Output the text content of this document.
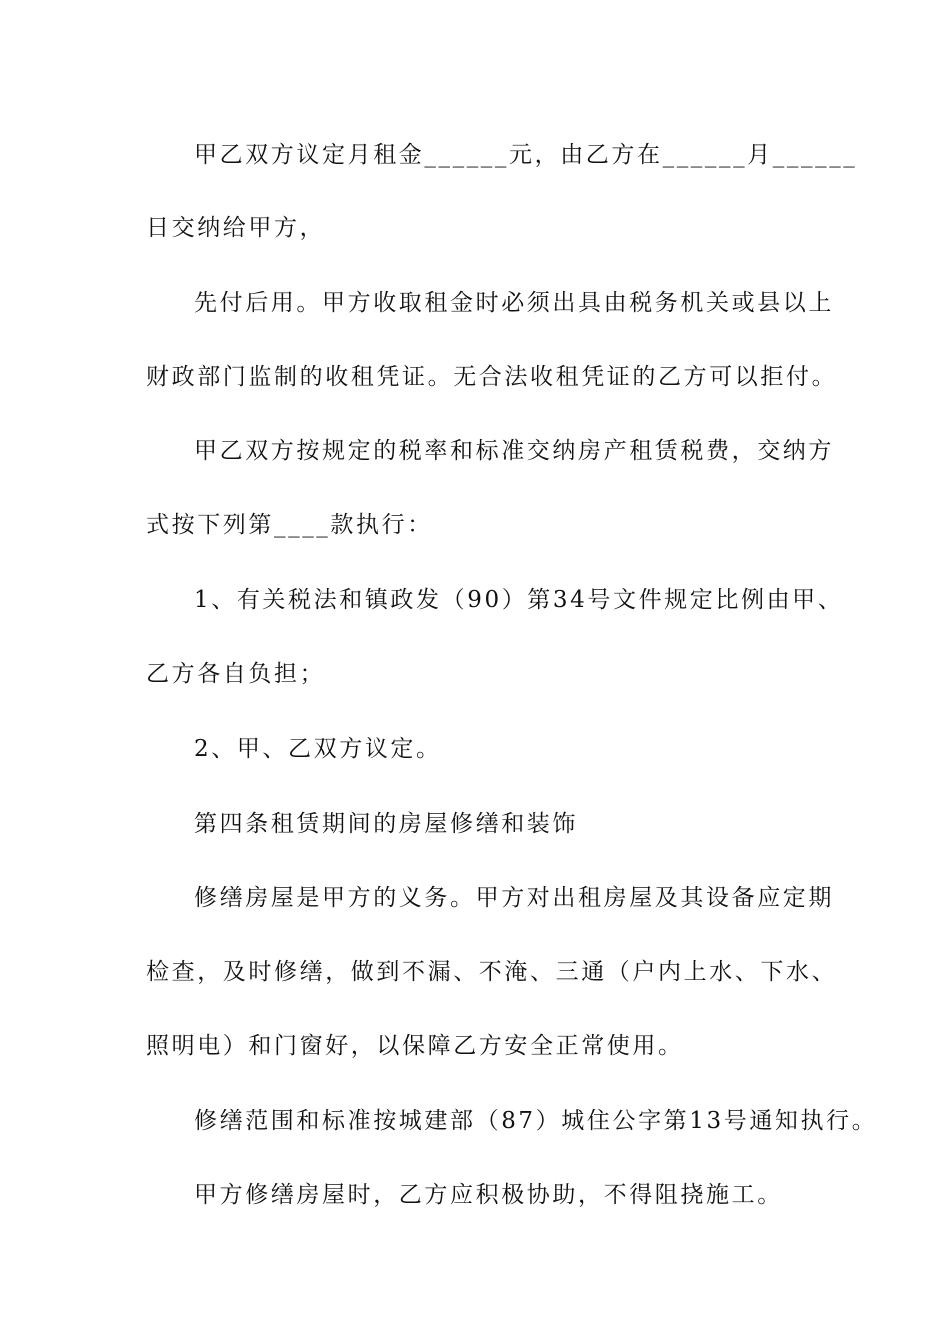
甲乙双方议定月租金______元，由乙方在______月______
日交纳给甲方，
先付后用。甲方收取租金时必须出具由税务机关或县以上
财政部门监制的收租凭证。无合法收租凭证的乙方可以拒付。
甲乙双方按规定的税率和标准交纳房产租赁税费，交纳方
式按下列第____款执行：
1、有关税法和镇政发（90）第34号文件规定比例由甲、
乙方各自负担；
2、甲、乙双方议定。
第四条租赁期间的房屋修缮和装饰
修缮房屋是甲方的义务。甲方对出租房屋及其设备应定期
检查，及时修缮，做到不漏、不淹、三通（户内上水、下水、
照明电）和门窗好，以保障乙方安全正常使用。
修缮范围和标准按城建部（87）城住公字第13号通知执行。
甲方修缮房屋时，乙方应积极协助，不得阻挠施工。
